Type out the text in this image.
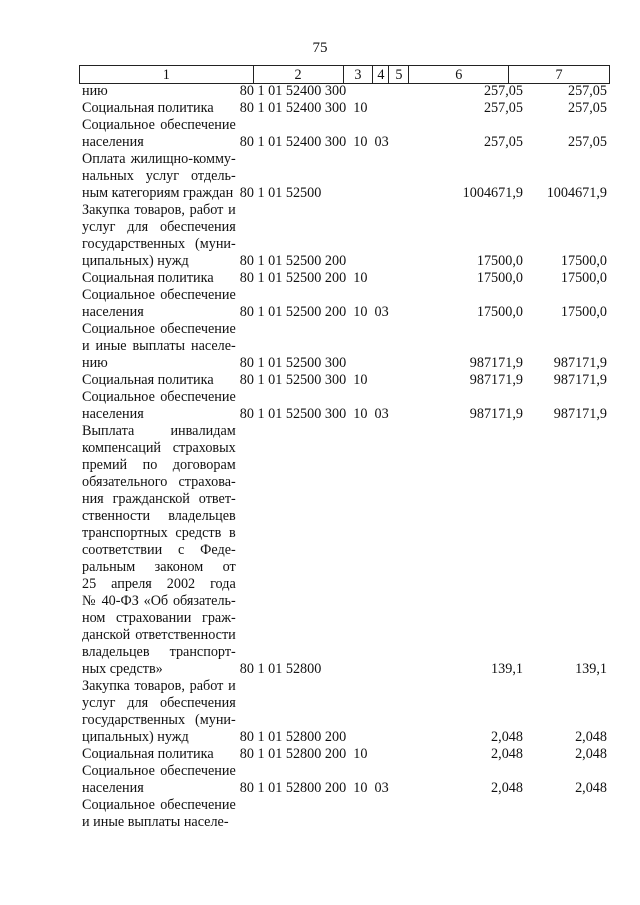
75
1	2	3	4 5	6	7
нию	80 1 01 52400 300	257,05	257,05
Социальная политика	80 1 01 52400 300  10	257,05	257,05
Социальное обеспечение
населения	80 1 01 52400 300  10  03	257,05	257,05
Оплата жилищно-комму-
нальных услуг отдель-
ным категориям граждан 80 1 01 52500	1004671,9	1004671,9
Закупка товаров, работ и
услуг для обеспечения
государственных (муни-
ципальных) нужд	80 1 01 52500 200	17500,0	17500,0
Социальная политика	80 1 01 52500 200  10	17500,0	17500,0
Социальное обеспечение
населения	80 1 01 52500 200  10  03	17500,0	17500,0
Социальное обеспечение
и иные выплаты населе-
нию	80 1 01 52500 300	987171,9	987171,9
Социальная политика	80 1 01 52500 300  10	987171,9	987171,9
Социальное обеспечение
населения	80 1 01 52500 300  10  03	987171,9	987171,9
Выплата инвалидам
компенсаций страховых
премий по договорам
обязательного страхова-
ния гражданской ответ-
ственности владельцев
транспортных средств в
соответствии с Феде-
ральным законом от
25 апреля 2002 года
№ 40-ФЗ «Об обязатель-
ном страховании граж-
данской ответственности
владельцев транспорт-
ных средств»	80 1 01 52800	139,1	139,1
Закупка товаров, работ и
услуг для обеспечения
государственных (муни-
ципальных) нужд	80 1 01 52800 200	2,048	2,048
Социальная политика	80 1 01 52800 200  10	2,048	2,048
Социальное обеспечение
населения	80 1 01 52800 200  10  03	2,048	2,048
Социальное обеспечение
и иные выплаты населе-
